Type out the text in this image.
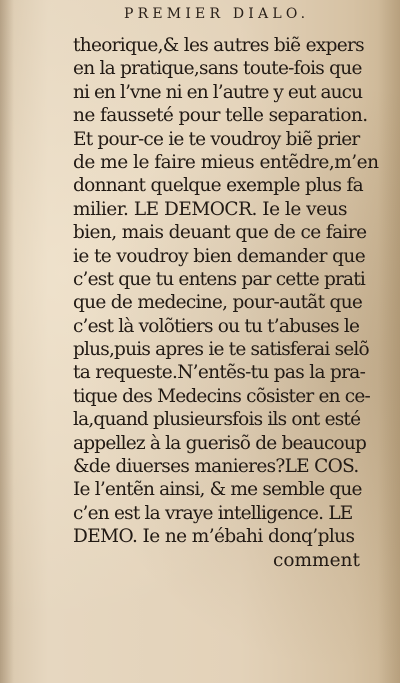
PREMIER DIALO.
theorique,& les autres biẽ expers
en la pratique,sans toute-fois que
ni en l’vne ni en l’autre y eut aucu
ne fausseté pour telle separation.
Et pour-ce ie te voudroy biẽ prier
de me le faire mieus entẽdre,m’en
donnant quelque exemple plus fa
milier. LE DEMOCR. Ie le veus
bien, mais deuant que de ce faire
ie te voudroy bien demander que
c’est que tu entens par cette prati
que de medecine, pour-autãt que
c’est là volõtiers ou tu t’abuses le
plus,puis apres ie te satisferai selõ
ta requeste.N’entẽs-tu pas la pra-
tique des Medecins cõsister en ce-
la,quand plusieursfois ils ont esté
appellez à la guerisõ de beaucoup
&de diuerses manieres?LE COS.
Ie l’entẽn ainsi, & me semble que
c’en est la vraye intelligence. LE
DEMO. Ie ne m’ébahi donq’plus
comment
